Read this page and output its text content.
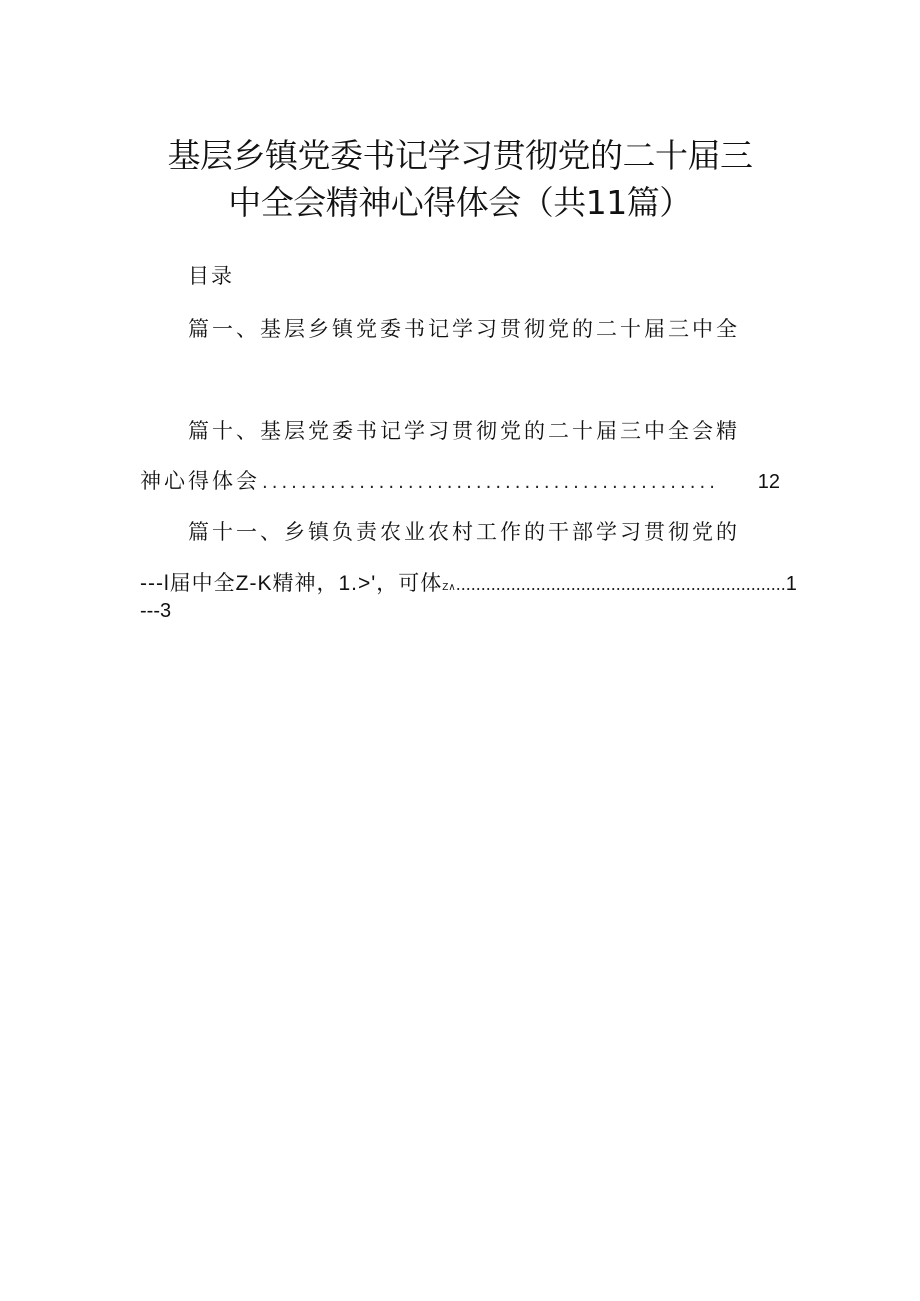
基层乡镇党委书记学习贯彻党的二十届三
中全会精神心得体会（共11篇）
目录
篇一、基层乡镇党委书记学习贯彻党的二十届三中全
篇十、基层党委书记学习贯彻党的二十届三中全会精
神心得体会 ...............................................	12
篇十一、乡镇负责农业农村工作的干部学习贯彻党的
---l届中全Z-K精神，1.>'，可体 Z∧ .................................................................. 1
---3
